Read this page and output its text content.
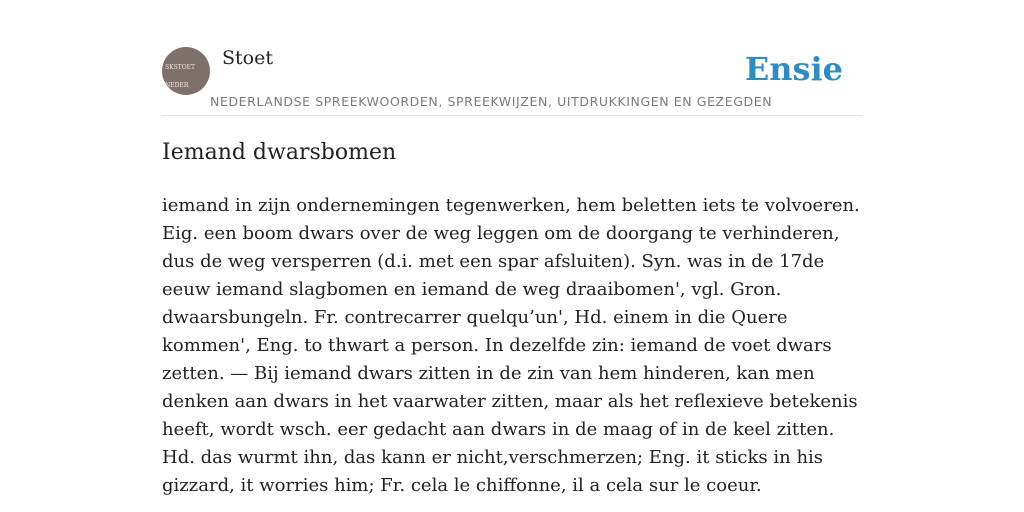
SKSTOET

NEDER

Stoet	Ensie
NEDERLANDSE SPREEKWOORDEN, SPREEKWIJZEN, UITDRUKKINGEN EN GEZEGDEN
Iemand dwarsbomen

iemand in zijn ondernemingen tegenwerken, hem beletten iets te volvoeren. Eig. een boom dwars over de weg leggen om de doorgang te verhinderen, dus de weg versperren (d.i. met een spar afsluiten). Syn. was in de 17de eeuw iemand slagbomen en iemand de weg draaibomen', vgl. Gron. dwaarsbungeln. Fr. contrecarrer quelqu’un', Hd. einem in die Quere kommen', Eng. to thwart a person. In dezelfde zin: iemand de voet dwars zetten. — Bij iemand dwars zitten in de zin van hem hinderen, kan men denken aan dwars in het vaarwater zitten, maar als het reflexieve betekenis heeft, wordt wsch. eer gedacht aan dwars in de maag of in de keel zitten. Hd. das wurmt ihn, das kann er nicht,verschmerzen; Eng. it sticks in his gizzard, it worries him; Fr. cela le chiffonne, il a cela sur le coeur.
